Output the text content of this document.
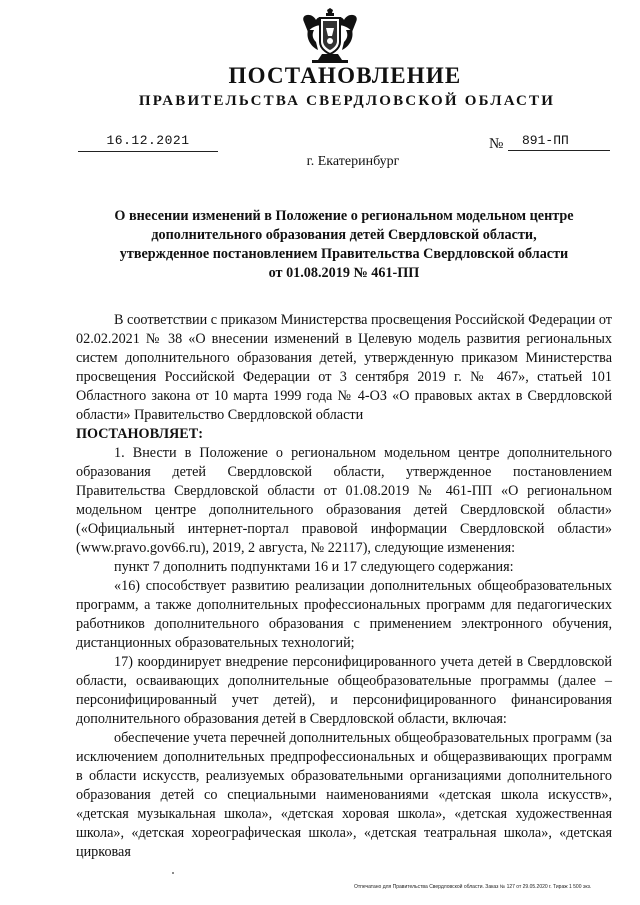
ПОСТАНОВЛЕНИЕ
ПРАВИТЕЛЬСТВА СВЕРДЛОВСКОЙ ОБЛАСТИ
16.12.2021	№	891-ПП
г. Екатеринбург
О внесении изменений в Положение о региональном модельном центре
дополнительного образования детей Свердловской области,
утвержденное постановлением Правительства Свердловской области
от 01.08.2019 № 461-ПП

В соответствии с приказом Министерства просвещения Российской Федерации от 02.02.2021 № 38 «О внесении изменений в Целевую модель развития региональных систем дополнительного образования детей, утвержденную приказом Министерства просвещения Российской Федерации от 3 сентября 2019 г. № 467», статьей 101 Областного закона от 10 марта 1999 года № 4-ОЗ «О правовых актах в Свердловской области» Правительство Свердловской области

ПОСТАНОВЛЯЕТ:

1. Внести в Положение о региональном модельном центре дополнительного образования детей Свердловской области, утвержденное постановлением Правительства Свердловской области от 01.08.2019 № 461-ПП «О региональном модельном центре дополнительного образования детей Свердловской области» («Официальный интернет-портал правовой информации Свердловской области» (www.pravo.gov66.ru), 2019, 2 августа, № 22117), следующие изменения:

пункт 7 дополнить подпунктами 16 и 17 следующего содержания:

«16) способствует развитию реализации дополнительных общеобразовательных программ, а также дополнительных профессиональных программ для педагогических работников дополнительного образования с применением электронного обучения, дистанционных образовательных технологий;

17) координирует внедрение персонифицированного учета детей в Свердловской области, осваивающих дополнительные общеобразовательные программы (далее – персонифицированный учет детей), и персонифицированного финансирования дополнительного образования детей в Свердловской области, включая:

обеспечение учета перечней дополнительных общеобразовательных программ (за исключением дополнительных предпрофессиональных и общеразвивающих программ в области искусств, реализуемых образовательными организациями дополнительного образования детей со специальными наименованиями «детская школа искусств», «детская музыкальная школа», «детская хоровая школа», «детская художественная школа», «детская хореографическая школа», «детская театральная школа», «детская цирковая

Отпечатано для Правительства Свердловской области. Заказ № 127 от 29.05.2020 г. Тираж 1 500 экз.
